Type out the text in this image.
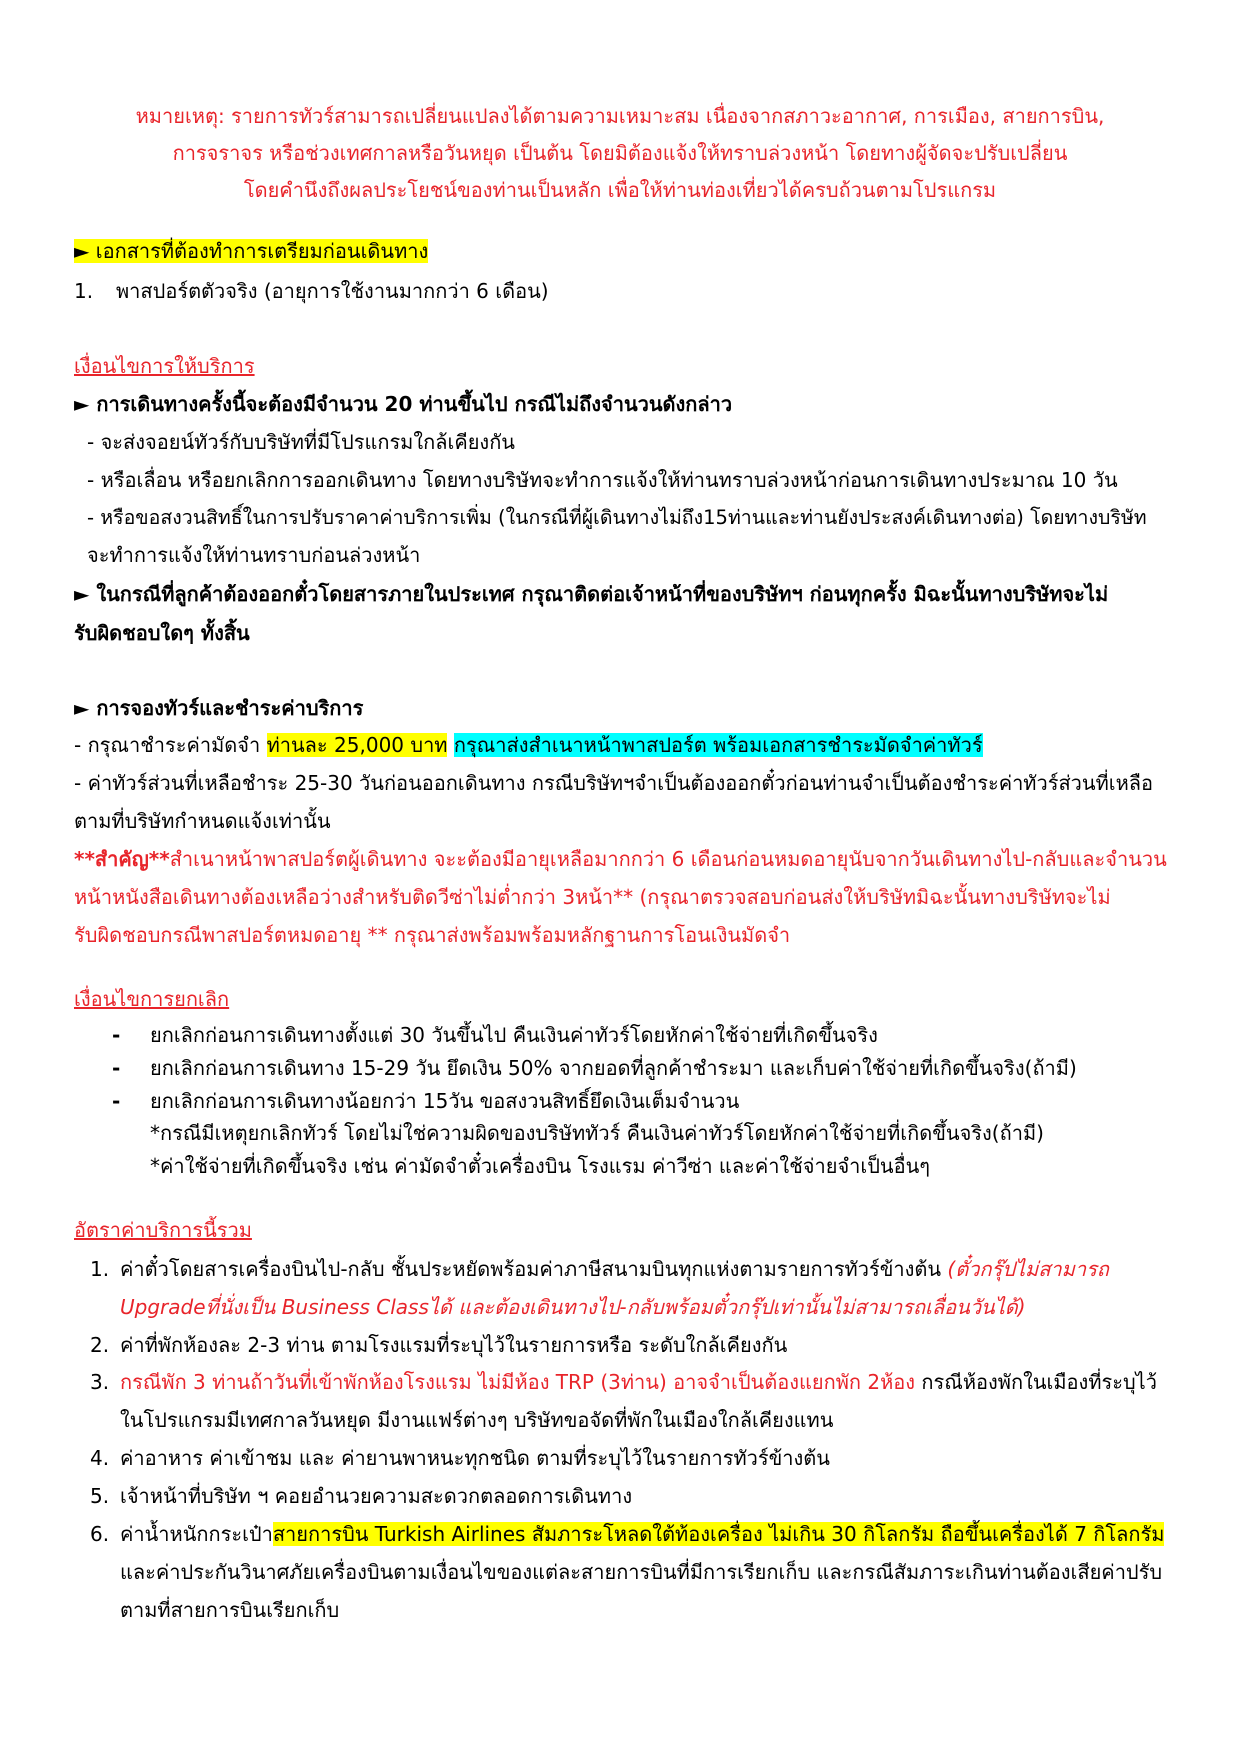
หมายเหตุ: รายการทัวร์สามารถเปลี่ยนแปลงได้ตามความเหมาะสม เนื่องจากสภาวะอากาศ, การเมือง, สายการบิน,
การจราจร หรือช่วงเทศกาลหรือวันหยุด เป็นต้น โดยมิต้องแจ้งให้ทราบล่วงหน้า โดยทางผู้จัดจะปรับเปลี่ยน
โดยคำนึงถึงผลประโยชน์ของท่านเป็นหลัก เพื่อให้ท่านท่องเที่ยวได้ครบถ้วนตามโปรแกรม
► เอกสารที่ต้องทำการเตรียมก่อนเดินทาง
1. พาสปอร์ตตัวจริง (อายุการใช้งานมากกว่า 6 เดือน)
เงื่อนไขการให้บริการ
► การเดินทางครั้งนี้จะต้องมีจำนวน 20 ท่านขึ้นไป กรณีไม่ถึงจำนวนดังกล่าว
- จะส่งจอยน์ทัวร์กับบริษัทที่มีโปรแกรมใกล้เคียงกัน
- หรือเลื่อน หรือยกเลิกการออกเดินทาง โดยทางบริษัทจะทำการแจ้งให้ท่านทราบล่วงหน้าก่อนการเดินทางประมาณ 10 วัน
- หรือขอสงวนสิทธิ์ในการปรับราคาค่าบริการเพิ่ม (ในกรณีที่ผู้เดินทางไม่ถึง15ท่านและท่านยังประสงค์เดินทางต่อ) โดยทางบริษัท
จะทำการแจ้งให้ท่านทราบก่อนล่วงหน้า
► ในกรณีที่ลูกค้าต้องออกตั๋วโดยสารภายในประเทศ กรุณาติดต่อเจ้าหน้าที่ของบริษัทฯ ก่อนทุกครั้ง มิฉะนั้นทางบริษัทจะไม่
รับผิดชอบใดๆ ทั้งสิ้น
► การจองทัวร์และชำระค่าบริการ
- กรุณาชำระค่ามัดจำ ท่านละ 25,000 บาท กรุณาส่งสำเนาหน้าพาสปอร์ต พร้อมเอกสารชำระมัดจำค่าทัวร์
- ค่าทัวร์ส่วนที่เหลือชำระ 25-30 วันก่อนออกเดินทาง กรณีบริษัทฯจำเป็นต้องออกตั๋วก่อนท่านจำเป็นต้องชำระค่าทัวร์ส่วนที่เหลือ
ตามที่บริษัทกำหนดแจ้งเท่านั้น
**สำคัญ**สำเนาหน้าพาสปอร์ตผู้เดินทาง จะะต้องมีอายุเหลือมากกว่า 6 เดือนก่อนหมดอายุนับจากวันเดินทางไป-กลับและจำนวน
หน้าหนังสือเดินทางต้องเหลือว่างสำหรับติดวีซ่าไม่ต่ำกว่า 3หน้า** (กรุณาตรวจสอบก่อนส่งให้บริษัทมิฉะนั้นทางบริษัทจะไม่
รับผิดชอบกรณีพาสปอร์ตหมดอายุ ** กรุณาส่งพร้อมพร้อมหลักฐานการโอนเงินมัดจำ
เงื่อนไขการยกเลิก
- ยกเลิกก่อนการเดินทางตั้งแต่ 30 วันขึ้นไป คืนเงินค่าทัวร์โดยหักค่าใช้จ่ายที่เกิดขึ้นจริง
- ยกเลิกก่อนการเดินทาง 15-29 วัน ยึดเงิน 50% จากยอดที่ลูกค้าชำระมา และเก็บค่าใช้จ่ายที่เกิดขึ้นจริง(ถ้ามี)
- ยกเลิกก่อนการเดินทางน้อยกว่า 15วัน ขอสงวนสิทธิ์ยึดเงินเต็มจำนวน
*กรณีมีเหตุยกเลิกทัวร์ โดยไม่ใช่ความผิดของบริษัททัวร์ คืนเงินค่าทัวร์โดยหักค่าใช้จ่ายที่เกิดขึ้นจริง(ถ้ามี)
*ค่าใช้จ่ายที่เกิดขึ้นจริง เช่น ค่ามัดจำตั๋วเครื่องบิน โรงแรม ค่าวีซ่า และค่าใช้จ่ายจำเป็นอื่นๆ
อัตราค่าบริการนี้รวม
1. ค่าตั๋วโดยสารเครื่องบินไป-กลับ ชั้นประหยัดพร้อมค่าภาษีสนามบินทุกแห่งตามรายการทัวร์ข้างต้น (ตั๋วกรุ๊ปไม่สามารถ
Upgradeที่นั่งเป็น Business Classได้ และต้องเดินทางไป-กลับพร้อมตั๋วกรุ๊ปเท่านั้นไม่สามารถเลื่อนวันได้)
2. ค่าที่พักห้องละ 2-3 ท่าน ตามโรงแรมที่ระบุไว้ในรายการหรือ ระดับใกล้เคียงกัน
3. กรณีพัก 3 ท่านถ้าวันที่เข้าพักห้องโรงแรม ไม่มีห้อง TRP (3ท่าน) อาจจำเป็นต้องแยกพัก 2ห้อง กรณีห้องพักในเมืองที่ระบุไว้
ในโปรแกรมมีเทศกาลวันหยุด มีงานแฟร์ต่างๆ บริษัทขอจัดที่พักในเมืองใกล้เคียงแทน
4. ค่าอาหาร ค่าเข้าชม และ ค่ายานพาหนะทุกชนิด ตามที่ระบุไว้ในรายการทัวร์ข้างต้น
5. เจ้าหน้าที่บริษัท ฯ คอยอำนวยความสะดวกตลอดการเดินทาง
6. ค่าน้ำหนักกระเป๋าสายการบิน Turkish Airlines สัมภาระโหลดใต้ท้องเครื่อง ไม่เกิน 30 กิโลกรัม ถือขึ้นเครื่องได้ 7 กิโลกรัม
และค่าประกันวินาศภัยเครื่องบินตามเงื่อนไขของแต่ละสายการบินที่มีการเรียกเก็บ และกรณีสัมภาระเกินท่านต้องเสียค่าปรับ
ตามที่สายการบินเรียกเก็บ
